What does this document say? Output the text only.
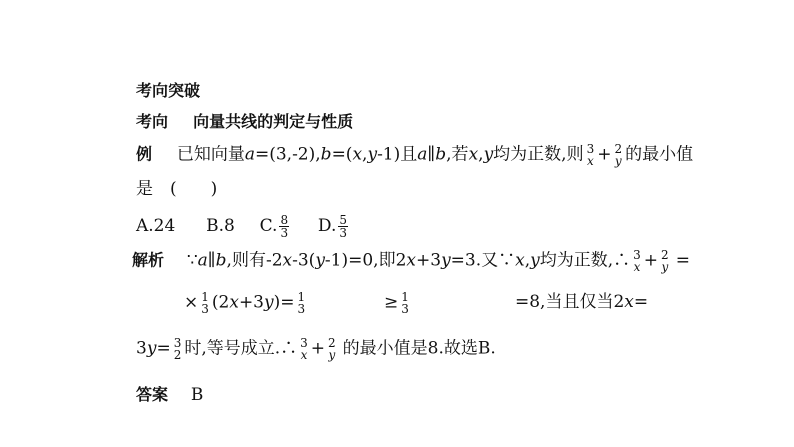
考向突破
考向 向量共线的判定与性质
例 已知向量a=(3,-2),b=(x,y-1)且a∥b,若x,y均为正数,则 3
x + 2
y 的最小值
是　(　　)
A.24 B.8 C. $\frac{8}{3} D$. $\frac{5}{3}$
解析 ∵a∥b,则有-2x-3(y-1)=0,即2x+3y=3.又∵x,y均为正数,∴ 3
x + 2
y =
× 1
3 (2x+3y)= 1
3	≥ 1
3	=8,当且仅当2x=
3y= 3
2 时,等号成立.∴ 3
x + 2
y 的最小值是8.故选B.
答案 B
